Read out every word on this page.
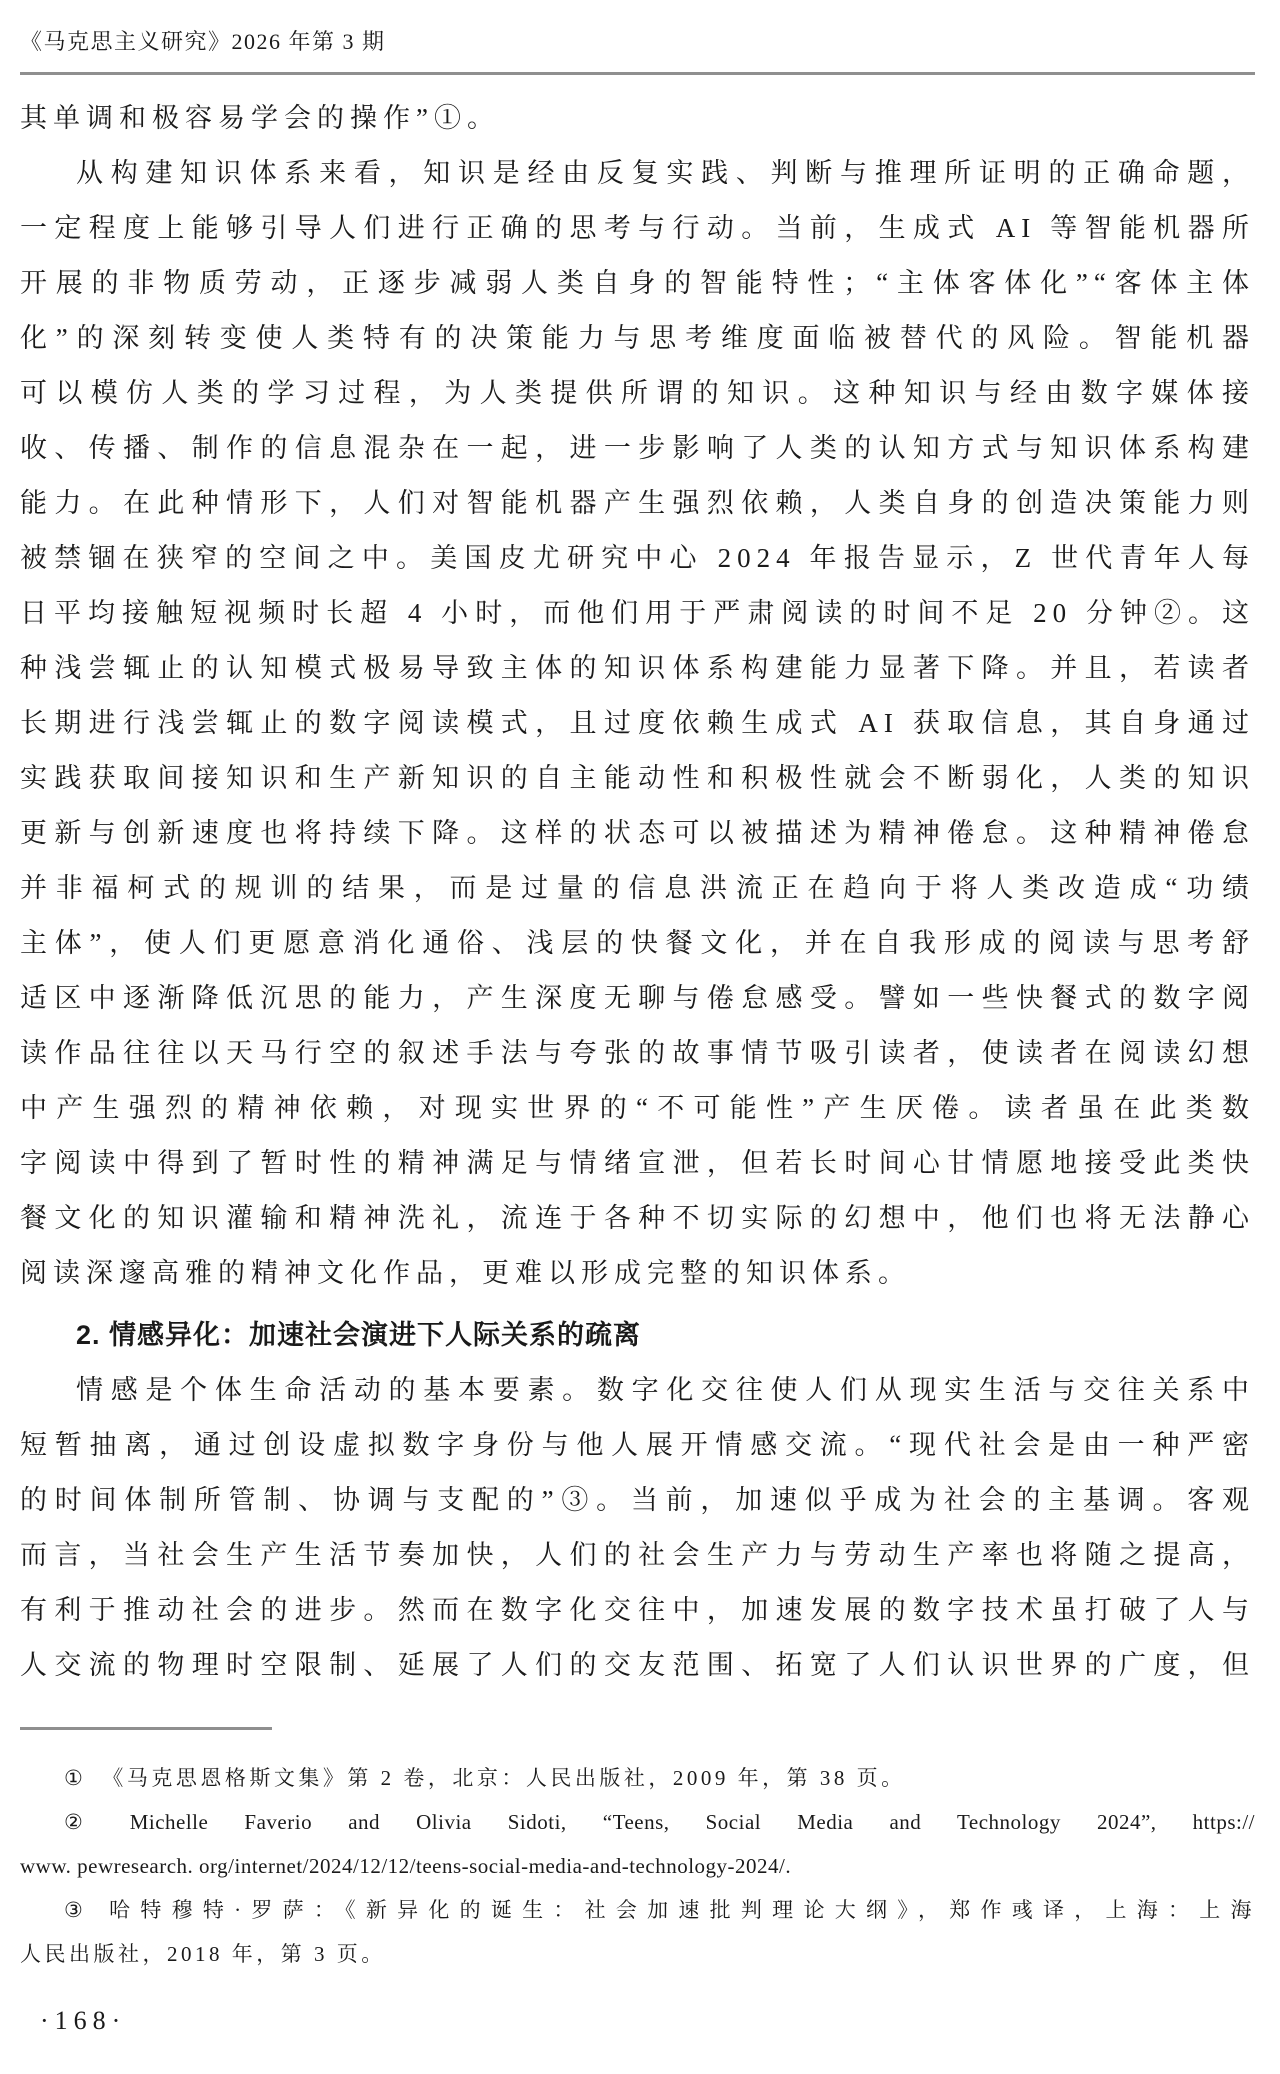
《马克思主义研究》2026 年第 3 期
其单调和极容易学会的操作”①。
从构建知识体系来看，知识是经由反复实践、判断与推理所证明的正确命题，
一定程度上能够引导人们进行正确的思考与行动。当前，生成式 AI 等智能机器所
开展的非物质劳动，正逐步减弱人类自身的智能特性；“主体客体化”“客体主体
化”的深刻转变使人类特有的决策能力与思考维度面临被替代的风险。智能机器
可以模仿人类的学习过程，为人类提供所谓的知识。这种知识与经由数字媒体接
收、传播、制作的信息混杂在一起，进一步影响了人类的认知方式与知识体系构建
能力。在此种情形下，人们对智能机器产生强烈依赖，人类自身的创造决策能力则
被禁锢在狭窄的空间之中。美国皮尤研究中心 2024 年报告显示，Z 世代青年人每
日平均接触短视频时长超 4 小时，而他们用于严肃阅读的时间不足 20 分钟②。这
种浅尝辄止的认知模式极易导致主体的知识体系构建能力显著下降。并且，若读者
长期进行浅尝辄止的数字阅读模式，且过度依赖生成式 AI 获取信息，其自身通过
实践获取间接知识和生产新知识的自主能动性和积极性就会不断弱化，人类的知识
更新与创新速度也将持续下降。这样的状态可以被描述为精神倦怠。这种精神倦怠
并非福柯式的规训的结果，而是过量的信息洪流正在趋向于将人类改造成“功绩
主体”，使人们更愿意消化通俗、浅层的快餐文化，并在自我形成的阅读与思考舒
适区中逐渐降低沉思的能力，产生深度无聊与倦怠感受。譬如一些快餐式的数字阅
读作品往往以天马行空的叙述手法与夸张的故事情节吸引读者，使读者在阅读幻想
中产生强烈的精神依赖，对现实世界的“不可能性”产生厌倦。读者虽在此类数
字阅读中得到了暂时性的精神满足与情绪宣泄，但若长时间心甘情愿地接受此类快
餐文化的知识灌输和精神洗礼，流连于各种不切实际的幻想中，他们也将无法静心
阅读深邃高雅的精神文化作品，更难以形成完整的知识体系。
2. 情感异化：加速社会演进下人际关系的疏离
情感是个体生命活动的基本要素。数字化交往使人们从现实生活与交往关系中
短暂抽离，通过创设虚拟数字身份与他人展开情感交流。“现代社会是由一种严密
的时间体制所管制、协调与支配的”③。当前，加速似乎成为社会的主基调。客观
而言，当社会生产生活节奏加快，人们的社会生产力与劳动生产率也将随之提高，
有利于推动社会的进步。然而在数字化交往中，加速发展的数字技术虽打破了人与
人交流的物理时空限制、延展了人们的交友范围、拓宽了人们认识世界的广度，但
① 《马克思恩格斯文集》第 2 卷，北京：人民出版社，2009 年，第 38 页。
② Michelle Faverio and Olivia Sidoti, “Teens, Social Media and Technology 2024”, https://
www. pewresearch. org/internet/2024/12/12/teens-social-media-and-technology-2024/.
③ 哈特穆特·罗萨：《新异化的诞生：社会加速批判理论大纲》，郑作彧译，上海：上海
人民出版社，2018 年，第 3 页。
·168·
